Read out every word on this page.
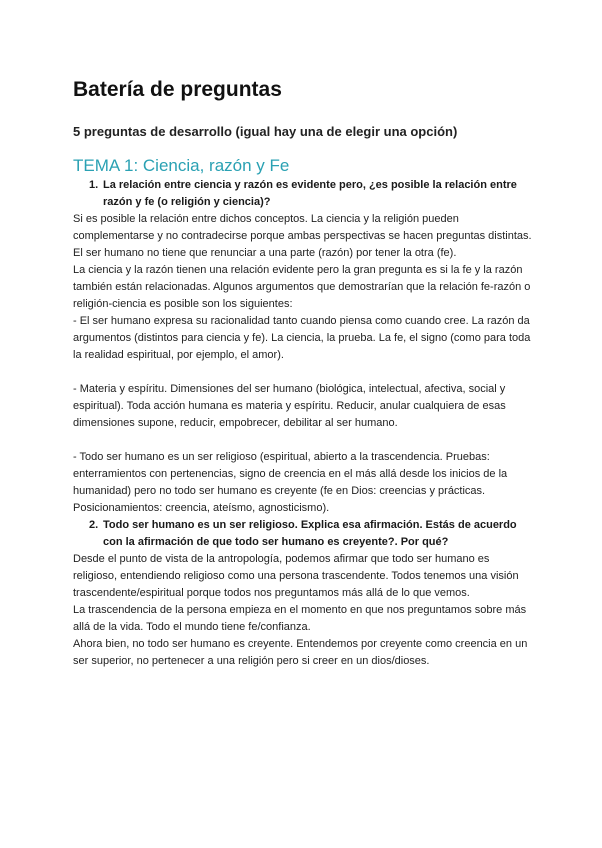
Batería de preguntas
5 preguntas de desarrollo (igual hay una de elegir una opción)
TEMA 1: Ciencia, razón y Fe
1. La relación entre ciencia y razón es evidente pero, ¿es posible la relación entre razón y fe (o religión y ciencia)?

Si es posible la relación entre dichos conceptos. La ciencia y la religión pueden complementarse y no contradecirse porque ambas perspectivas se hacen preguntas distintas.

El ser humano no tiene que renunciar a una parte (razón) por tener la otra (fe).

La ciencia y la razón tienen una relación evidente pero la gran pregunta es si la fe y la razón también están relacionadas. Algunos argumentos que demostrarían que la relación fe-razón o religión-ciencia es posible son los siguientes:

- El ser humano expresa su racionalidad tanto cuando piensa como cuando cree. La razón da argumentos (distintos para ciencia y fe). La ciencia, la prueba. La fe, el signo (como para toda la realidad espiritual, por ejemplo, el amor).

- Materia y espíritu. Dimensiones del ser humano (biológica, intelectual, afectiva, social y espiritual). Toda acción humana es materia y espíritu. Reducir, anular cualquiera de esas dimensiones supone, reducir, empobrecer, debilitar al ser humano.

- Todo ser humano es un ser religioso (espiritual, abierto a la trascendencia. Pruebas: enterramientos con pertenencias, signo de creencia en el más allá desde los inicios de la humanidad) pero no todo ser humano es creyente (fe en Dios: creencias y prácticas. Posicionamientos: creencia, ateísmo, agnosticismo).

2. Todo ser humano es un ser religioso. Explica esa afirmación. Estás de acuerdo con la afirmación de que todo ser humano es creyente?. Por qué?

Desde el punto de vista de la antropología, podemos afirmar que todo ser humano es religioso, entendiendo religioso como una persona trascendente. Todos tenemos una visión trascendente/espiritual porque todos nos preguntamos más allá de lo que vemos.

La trascendencia de la persona empieza en el momento en que nos preguntamos sobre más allá de la vida. Todo el mundo tiene fe/confianza.

Ahora bien, no todo ser humano es creyente. Entendemos por creyente como creencia en un ser superior, no pertenecer a una religión pero si creer en un dios/dioses.
